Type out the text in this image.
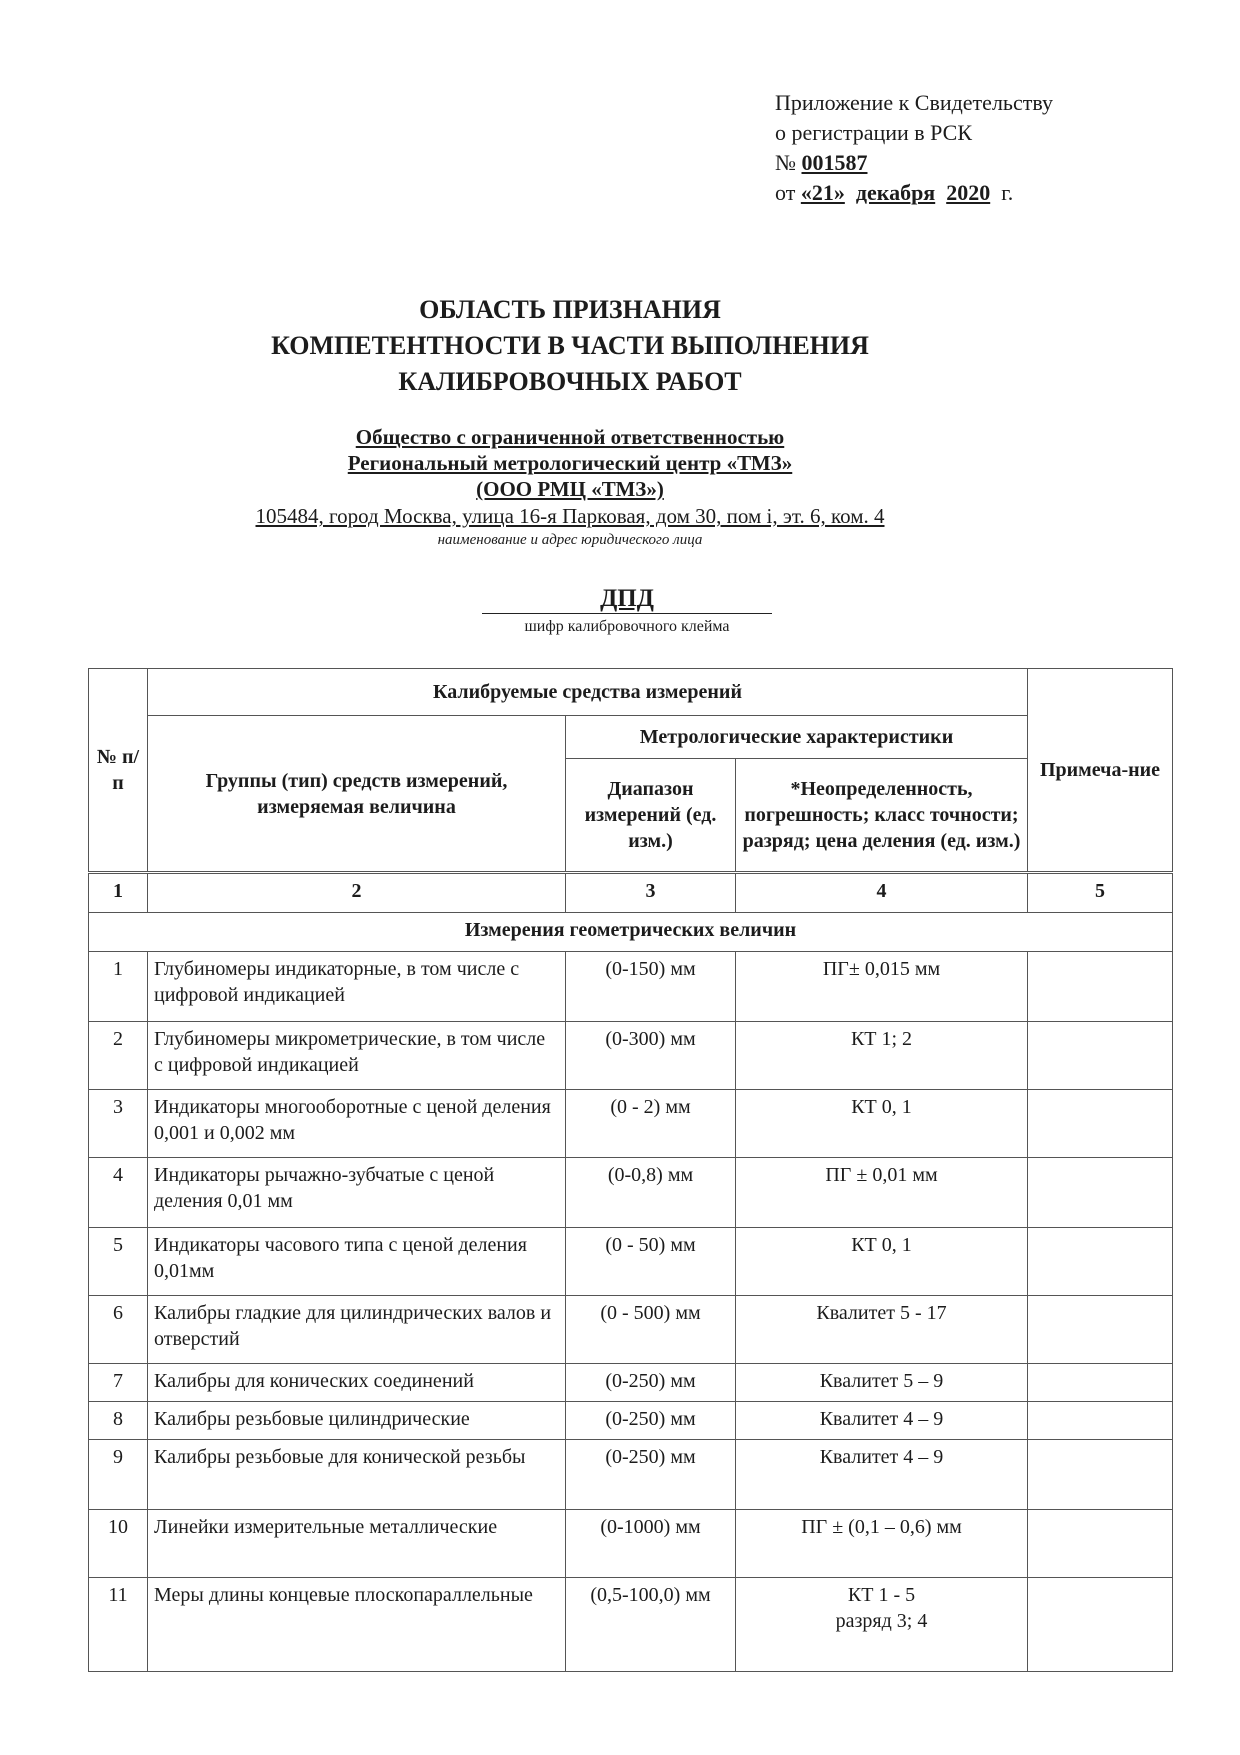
Приложение к Свидетельству
о регистрации в РСК
№ 001587
от «21» декабря 2020 г.
ОБЛАСТЬ ПРИЗНАНИЯ
КОМПЕТЕНТНОСТИ В ЧАСТИ ВЫПОЛНЕНИЯ
КАЛИБРОВОЧНЫХ РАБОТ
Общество с ограниченной ответственностью
Региональный метрологический центр «ТМЗ»
(ООО РМЦ «ТМЗ»)
105484, город Москва, улица 16-я Парковая, дом 30, пом i, эт. 6, ком. 4
наименование и адрес юридического лица
ДПД
шифр калибровочного клейма
№ п/п	Калибруемые средства измерений			Примеча-ние
	Группы (тип) средств измерений, измеряемая величина	Метрологические характеристики		
		Диапазон измерений (ед. изм.)	*Неопределенность, погрешность; класс точности; разряд; цена деления (ед. изм.)	
1	2	3	4	5
Измерения геометрических величин				
1	Глубиномеры индикаторные, в том числе с цифровой индикацией	(0-150) мм	ПГ± 0,015 мм	
2	Глубиномеры микрометрические, в том числе с цифровой индикацией	(0-300) мм	КТ 1; 2	
3	Индикаторы многооборотные с ценой деления 0,001 и 0,002 мм	(0 - 2) мм	КТ 0, 1	
4	Индикаторы рычажно-зубчатые с ценой деления 0,01 мм	(0-0,8) мм	ПГ ± 0,01 мм	
5	Индикаторы часового типа с ценой деления 0,01мм	(0 - 50) мм	КТ 0, 1	
6	Калибры гладкие для цилиндрических валов и отверстий	(0 - 500) мм	Квалитет 5 - 17	
7	Калибры для конических соединений	(0-250) мм	Квалитет 5 – 9	
8	Калибры резьбовые цилиндрические	(0-250) мм	Квалитет 4 – 9	
9	Калибры резьбовые для конической резьбы	(0-250) мм	Квалитет 4 – 9	
10	Линейки измерительные металлические	(0-1000) мм	ПГ ± (0,1 – 0,6) мм	
11	Меры длины концевые плоскопараллельные	(0,5-100,0) мм	КТ 1 - 5
разряд 3; 4	
